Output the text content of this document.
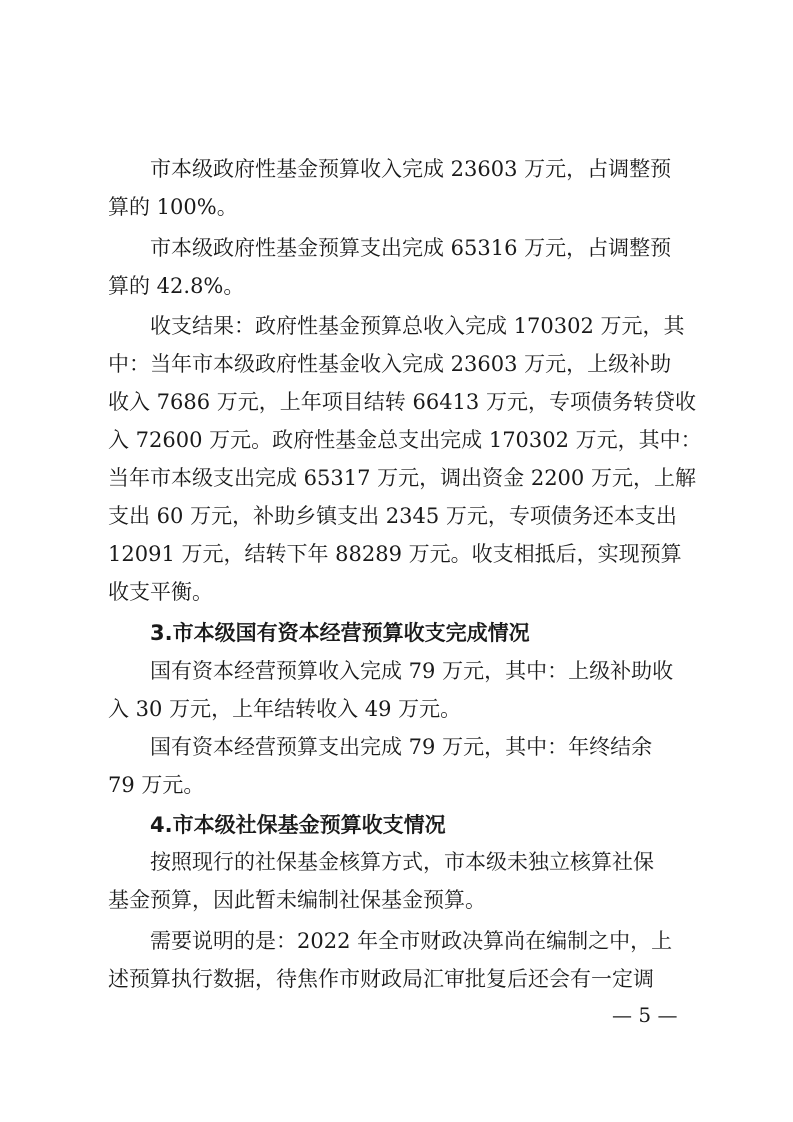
市本级政府性基金预算收入完成 23603 万元，占调整预
算的 100%。
市本级政府性基金预算支出完成 65316 万元，占调整预
算的 42.8%。
收支结果：政府性基金预算总收入完成 170302 万元，其
中：当年市本级政府性基金收入完成 23603 万元，上级补助
收入 7686 万元，上年项目结转 66413 万元，专项债务转贷收
入 72600 万元。政府性基金总支出完成 170302 万元，其中：
当年市本级支出完成 65317 万元，调出资金 2200 万元，上解
支出 60 万元，补助乡镇支出 2345 万元，专项债务还本支出
12091 万元，结转下年 88289 万元。收支相抵后，实现预算
收支平衡。
3.市本级国有资本经营预算收支完成情况
国有资本经营预算收入完成 79 万元，其中：上级补助收
入 30 万元，上年结转收入 49 万元。
国有资本经营预算支出完成 79 万元，其中：年终结余
79 万元。
4.市本级社保基金预算收支情况
按照现行的社保基金核算方式，市本级未独立核算社保
基金预算，因此暂未编制社保基金预算。
需要说明的是：2022 年全市财政决算尚在编制之中，上
述预算执行数据，待焦作市财政局汇审批复后还会有一定调
— 5 —
